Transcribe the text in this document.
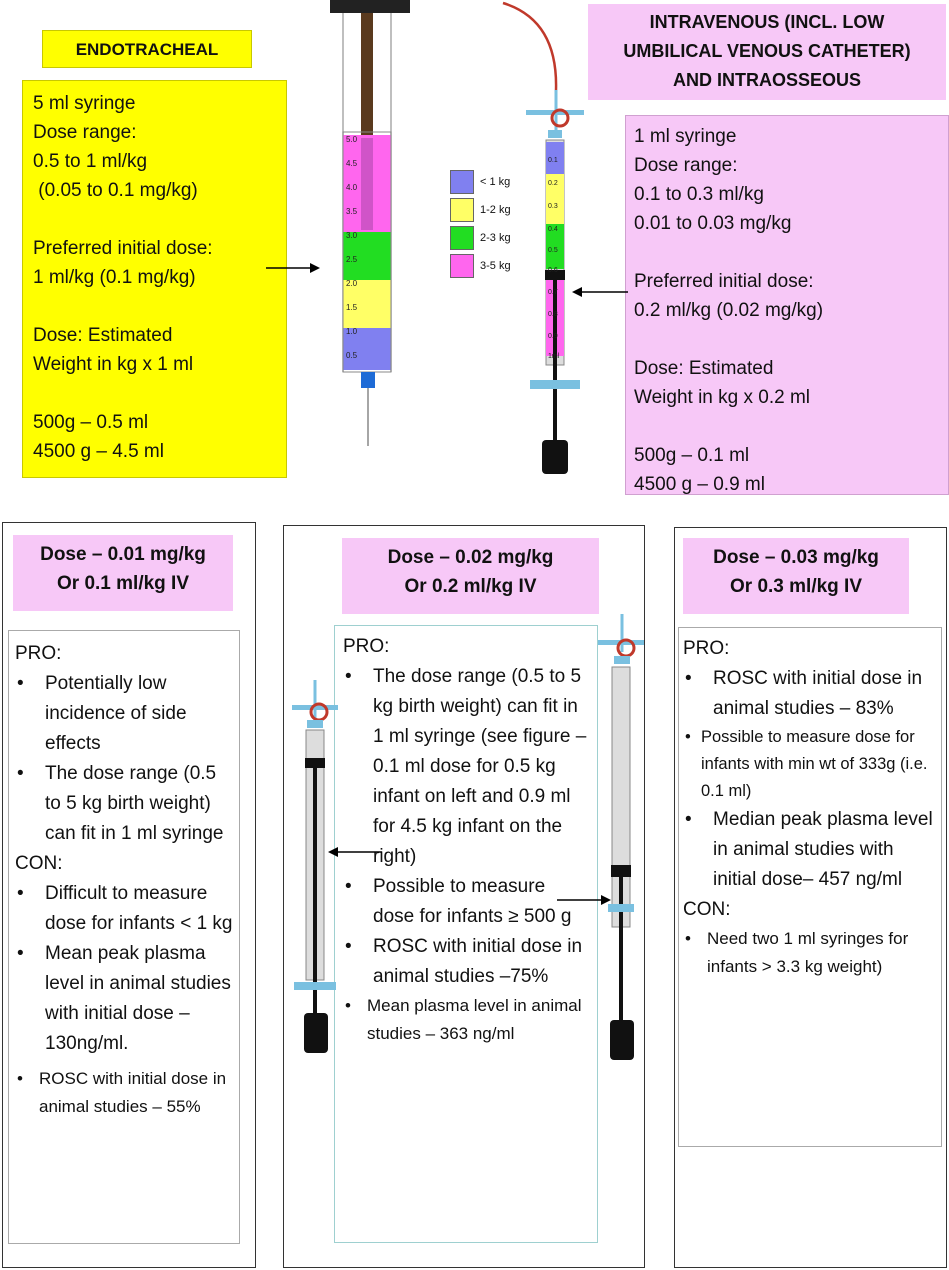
ENDOTRACHEAL
5 ml syringe
Dose range:
0.5 to 1 ml/kg
(0.05 to 0.1 mg/kg)
Preferred initial dose:
1 ml/kg (0.1 mg/kg)
Dose: Estimated
Weight in kg x 1 ml
500g – 0.5 ml
4500 g – 4.5 ml
INTRAVENOUS (INCL. LOW
UMBILICAL VENOUS CATHETER)
AND INTRAOSSEOUS
1 ml syringe
Dose range:
0.1 to 0.3 ml/kg
0.01 to 0.03 mg/kg
Preferred initial dose:
0.2 ml/kg (0.02 mg/kg)
Dose: Estimated
Weight in kg x 0.2 ml
500g – 0.1 ml
4500 g – 0.9 ml
5.0
4.5
4.0
3.5
3.0
2.5
2.0
1.5
1.0
0.5
< 1 kg
1-2 kg
2-3 kg
3-5 kg
0.1
0.2
0.3
0.4
0.5
0.6
0.7
0.8
0.9
1ml
Dose – 0.01 mg/kg
Or 0.1 ml/kg IV
PRO:
• Potentially low incidence of side effects
• The dose range (0.5 to 5 kg birth weight) can fit in 1 ml syringe
CON:
• Difficult to measure dose for infants < 1 kg
• Mean peak plasma level in animal studies with initial dose – 130ng/ml.
• ROSC with initial dose in animal studies – 55%
Dose – 0.02 mg/kg
Or 0.2 ml/kg IV
PRO:
• The dose range (0.5 to 5 kg birth weight) can fit in 1 ml syringe (see figure – 0.1 ml dose for 0.5 kg infant on left and 0.9 ml for 4.5 kg infant on the right)
• Possible to measure dose for infants ≥ 500 g
• ROSC with initial dose in animal studies –75%
• Mean plasma level in animal studies – 363 ng/ml
Dose – 0.03 mg/kg
Or 0.3 ml/kg IV
PRO:
• ROSC with initial dose in animal studies – 83%
• Possible to measure dose for infants with min wt of 333g (i.e. 0.1 ml)
• Median peak plasma level in animal studies with initial dose– 457 ng/ml
CON:
• Need two 1 ml syringes for infants > 3.3 kg weight)
